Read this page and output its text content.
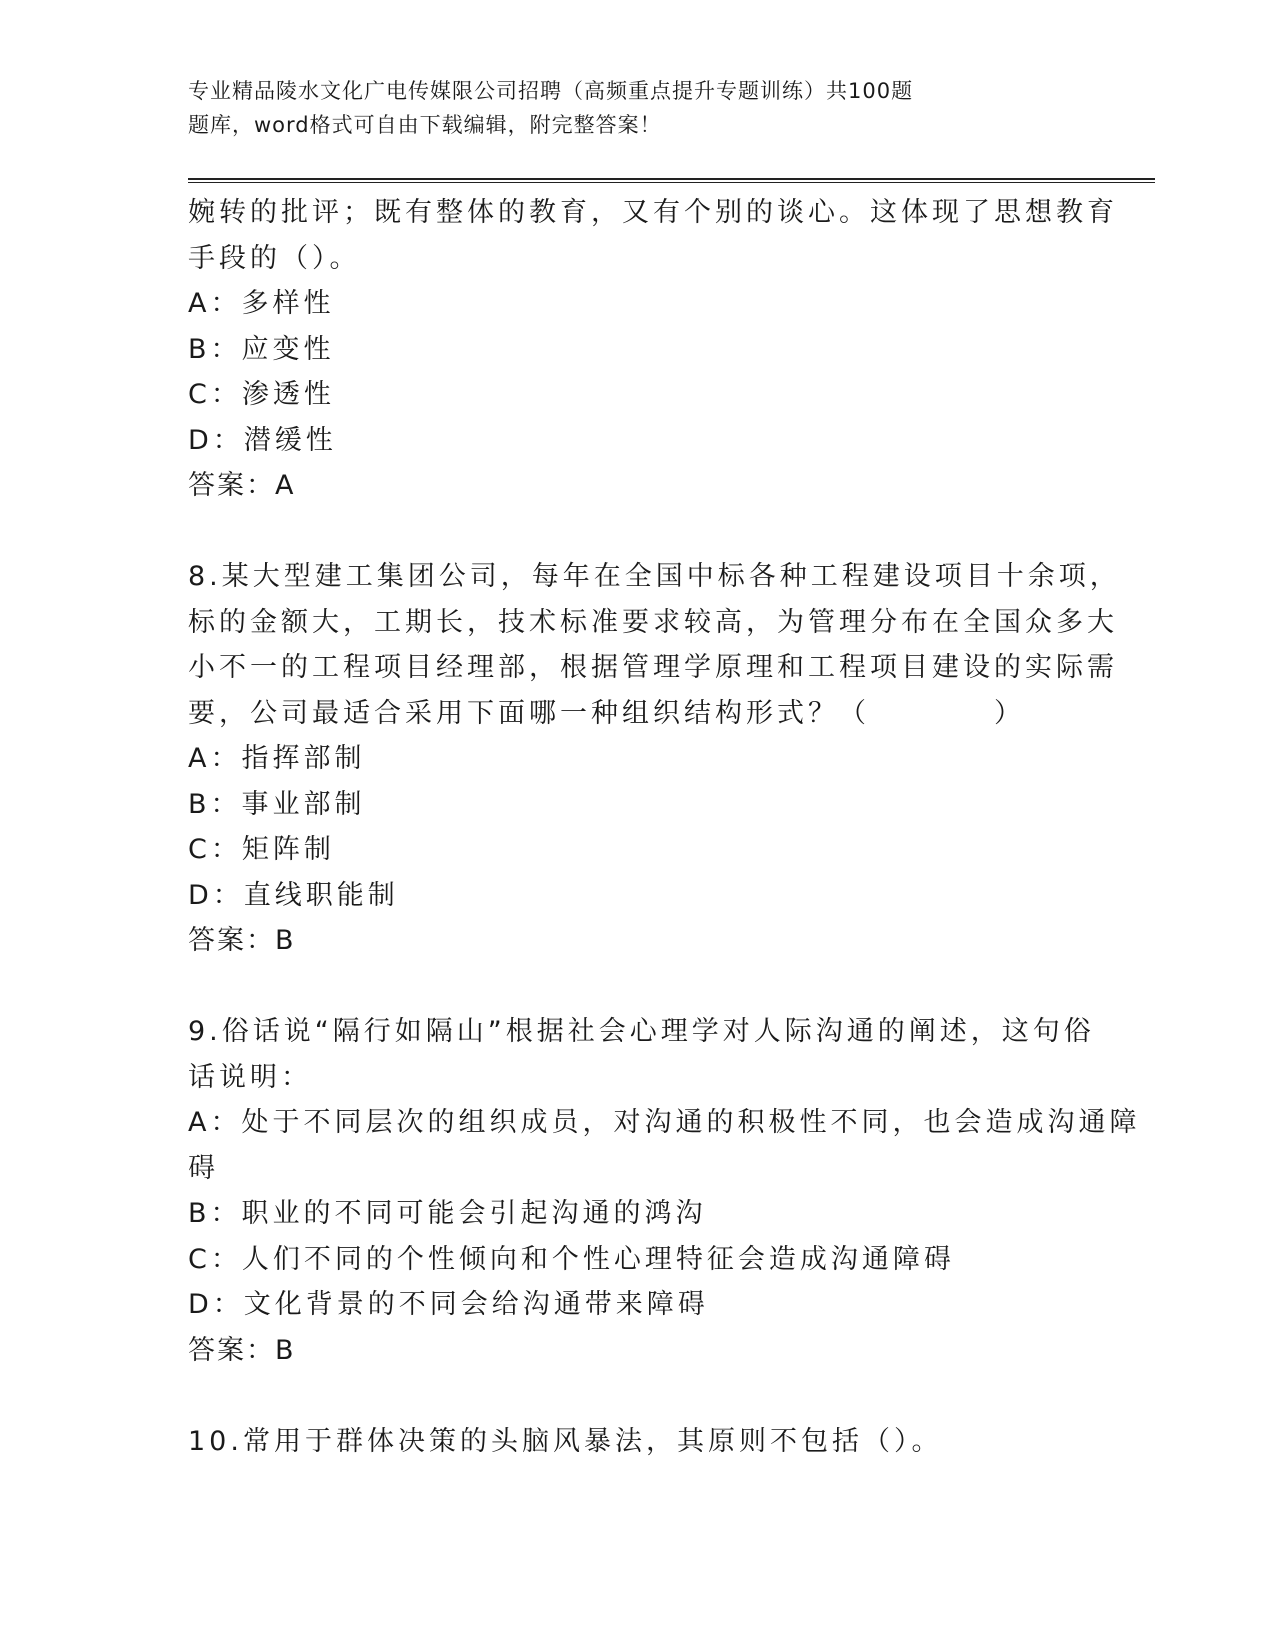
专业精品陵水文化广电传媒限公司招聘（高频重点提升专题训练）共100题
题库，word格式可自由下载编辑，附完整答案！
婉转的批评；既有整体的教育，又有个别的谈心。这体现了思想教育
手段的（）。
A：多样性
B：应变性
C：渗透性
D：潜缓性
答案：A
8.某大型建工集团公司，每年在全国中标各种工程建设项目十余项，
标的金额大，工期长，技术标准要求较高，为管理分布在全国众多大
小不一的工程项目经理部，根据管理学原理和工程项目建设的实际需
要，公司最适合采用下面哪一种组织结构形式？（　　　　）
A：指挥部制
B：事业部制
C：矩阵制
D：直线职能制
答案：B
9.俗话说“隔行如隔山”根据社会心理学对人际沟通的阐述，这句俗
话说明：
A：处于不同层次的组织成员，对沟通的积极性不同，也会造成沟通障
碍
B：职业的不同可能会引起沟通的鸿沟
C：人们不同的个性倾向和个性心理特征会造成沟通障碍
D：文化背景的不同会给沟通带来障碍
答案：B
10.常用于群体决策的头脑风暴法，其原则不包括（）。
